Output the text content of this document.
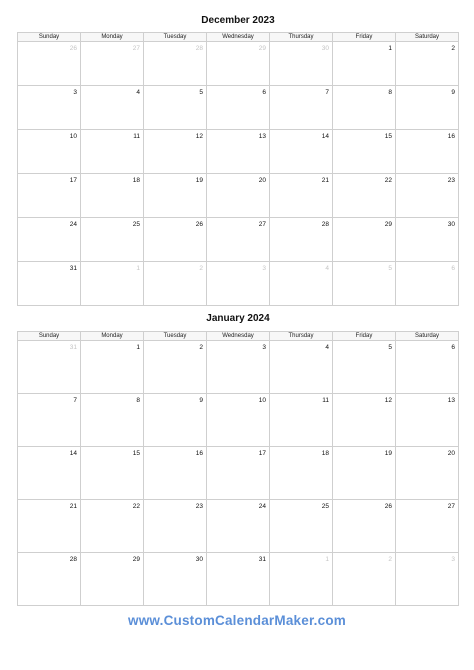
December 2023
Sunday	Monday	Tuesday	Wednesday	Thursday	Friday	Saturday
26	27	28	29	30	1	2
3	4	5	6	7	8	9
10	11	12	13	14	15	16
17	18	19	20	21	22	23
24	25	26	27	28	29	30
31	1	2	3	4	5	6
January 2024
Sunday	Monday	Tuesday	Wednesday	Thursday	Friday	Saturday
31	1	2	3	4	5	6
7	8	9	10	11	12	13
14	15	16	17	18	19	20
21	22	23	24	25	26	27
28	29	30	31	1	2	3
www.CustomCalendarMaker.com
